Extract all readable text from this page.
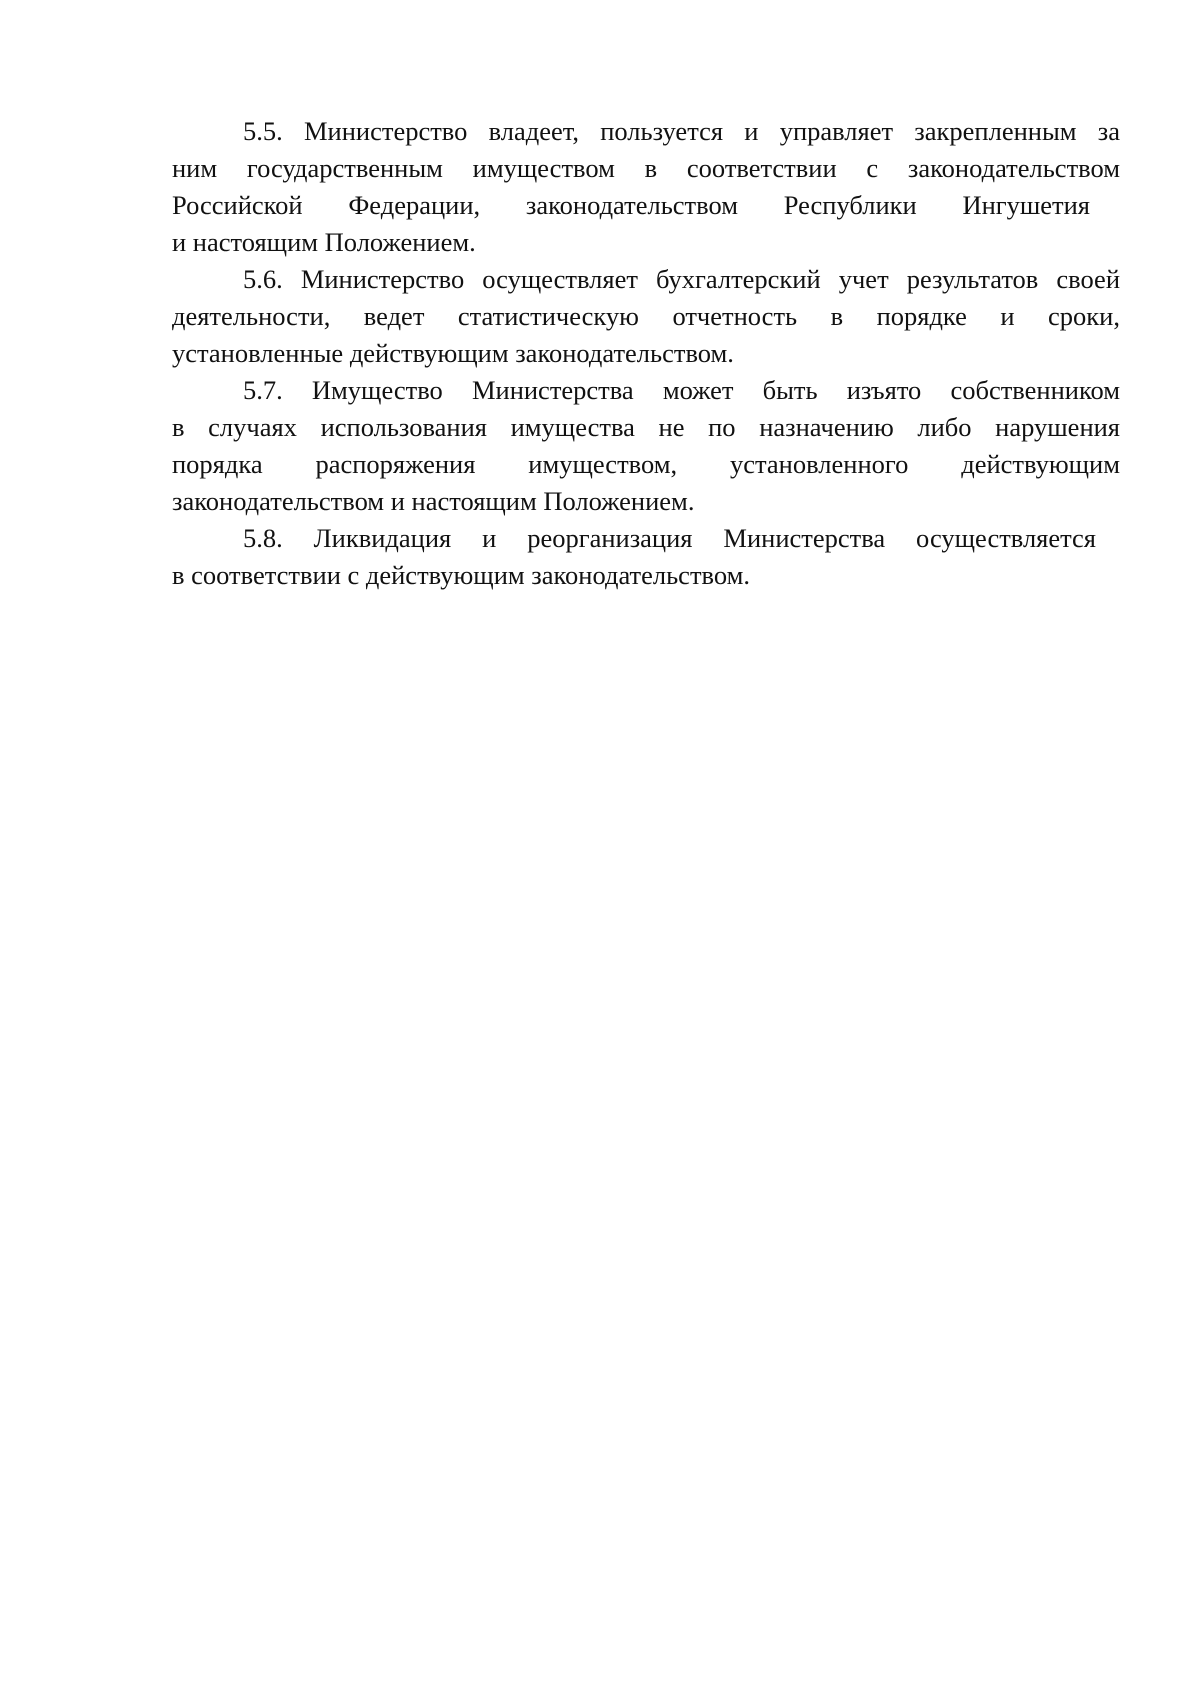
5.5. Министерство владеет, пользуется и управляет закрепленным за
ним государственным имуществом в соответствии с законодательством
Российской Федерации, законодательством Республики Ингушетия
и настоящим Положением.
5.6. Министерство осуществляет бухгалтерский учет результатов своей
деятельности, ведет статистическую отчетность в порядке и сроки,
установленные действующим законодательством.
5.7. Имущество Министерства может быть изъято собственником
в случаях использования имущества не по назначению либо нарушения
порядка распоряжения имуществом, установленного действующим
законодательством и настоящим Положением.
5.8. Ликвидация и реорганизация Министерства осуществляется
в соответствии с действующим законодательством.
